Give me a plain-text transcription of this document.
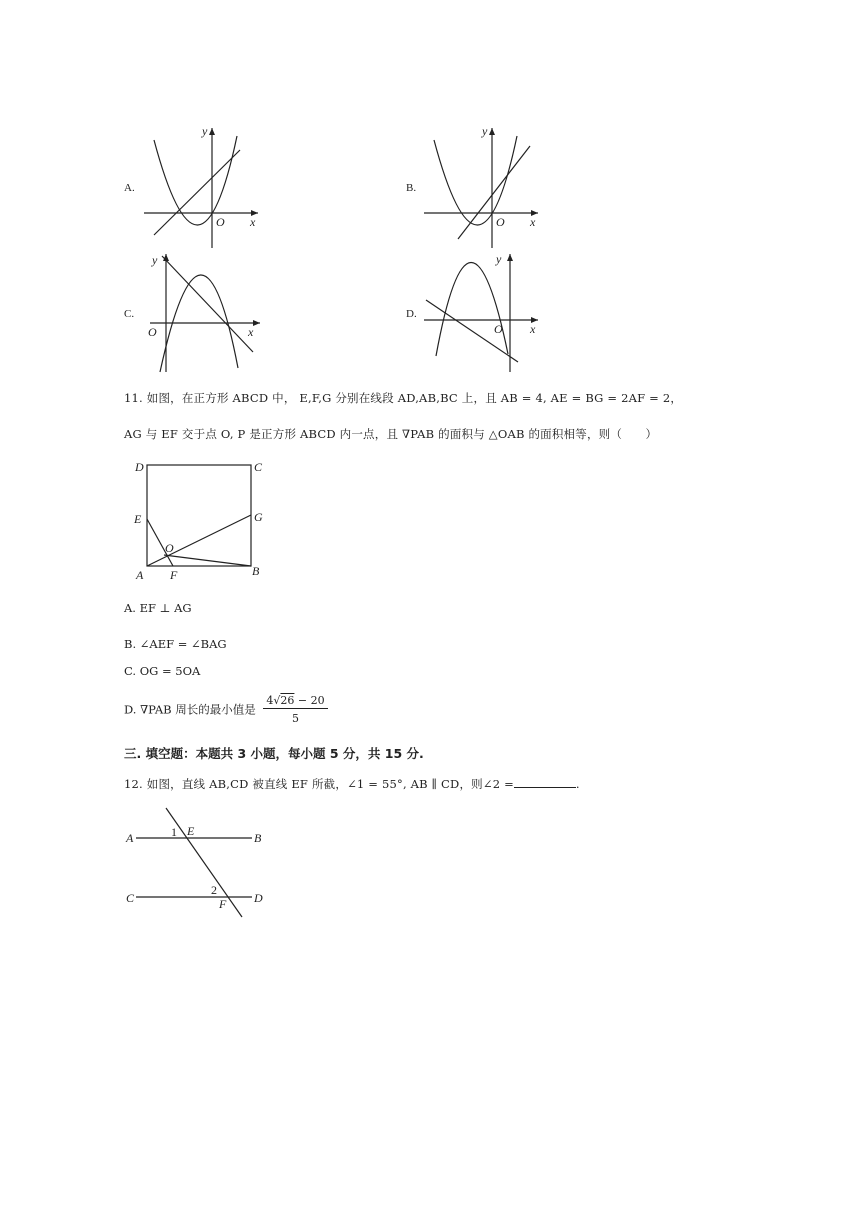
A.
y
x
O
B.
y
x
O
C.
y
x
O
D.
y
x
O
11. 如图，在正方形 ABCD 中， E,F,G 分别在线段 AD,AB,BC 上，且 AB = 4, AE = BG = 2AF = 2，
AG 与 EF 交于点 O, P 是正方形 ABCD 内一点，且 ∇PAB 的面积与 △OAB 的面积相等，则（　　）
D	C
E	G
O
A F	B
A. EF ⊥ AG
B. ∠AEF = ∠BAG
C. OG = 5OA
D. ∇PAB 周长的最小值是 $\frac{4√26 - 20}{5}$
三. 填空题：本题共 3 小题，每小题 5 分，共 15 分.
12. 如图，直线 AB,CD 被直线 EF 所截，∠1 = 55°, AB ∥ CD，则∠2 =	.
A	B
C	D
E
F
1
2
